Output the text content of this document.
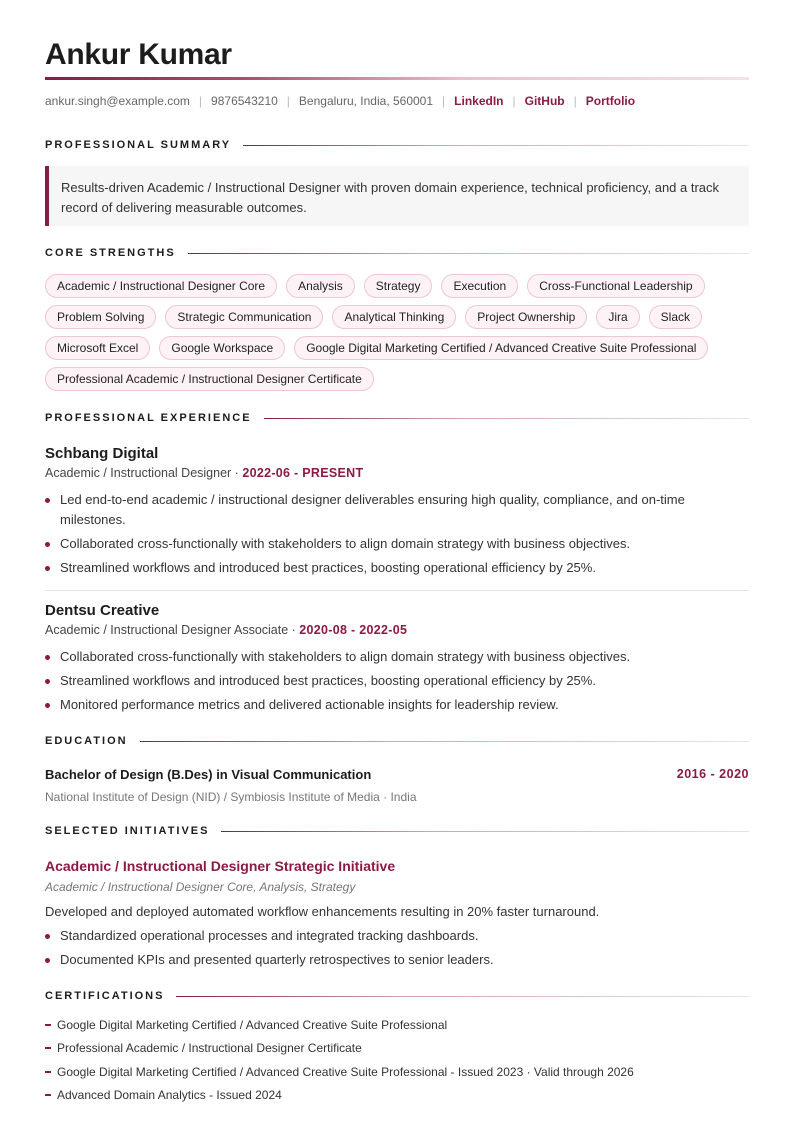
Ankur Kumar
ankur.singh@example.com | 9876543210 | Bengaluru, India, 560001 | LinkedIn | GitHub | Portfolio
PROFESSIONAL SUMMARY
Results-driven Academic / Instructional Designer with proven domain experience, technical proficiency, and a track record of delivering measurable outcomes.
CORE STRENGTHS
Academic / Instructional Designer Core	Analysis	Strategy	Execution	Cross-Functional Leadership
Problem Solving	Strategic Communication	Analytical Thinking	Project Ownership	Jira	Slack
Microsoft Excel	Google Workspace	Google Digital Marketing Certified / Advanced Creative Suite Professional
Professional Academic / Instructional Designer Certificate
PROFESSIONAL EXPERIENCE
Schbang Digital
Academic / Instructional Designer · 2022-06 - PRESENT
Led end-to-end academic / instructional designer deliverables ensuring high quality, compliance, and on-time milestones.
Collaborated cross-functionally with stakeholders to align domain strategy with business objectives.
Streamlined workflows and introduced best practices, boosting operational efficiency by 25%.
Dentsu Creative
Academic / Instructional Designer Associate · 2020-08 - 2022-05
Collaborated cross-functionally with stakeholders to align domain strategy with business objectives.
Streamlined workflows and introduced best practices, boosting operational efficiency by 25%.
Monitored performance metrics and delivered actionable insights for leadership review.
EDUCATION
Bachelor of Design (B.Des) in Visual Communication	2016 - 2020
National Institute of Design (NID) / Symbiosis Institute of Media · India
SELECTED INITIATIVES
Academic / Instructional Designer Strategic Initiative
Academic / Instructional Designer Core, Analysis, Strategy
Developed and deployed automated workflow enhancements resulting in 20% faster turnaround.
Standardized operational processes and integrated tracking dashboards.
Documented KPIs and presented quarterly retrospectives to senior leaders.
CERTIFICATIONS
Google Digital Marketing Certified / Advanced Creative Suite Professional
Professional Academic / Instructional Designer Certificate
Google Digital Marketing Certified / Advanced Creative Suite Professional - Issued 2023 · Valid through 2026
Advanced Domain Analytics - Issued 2024
